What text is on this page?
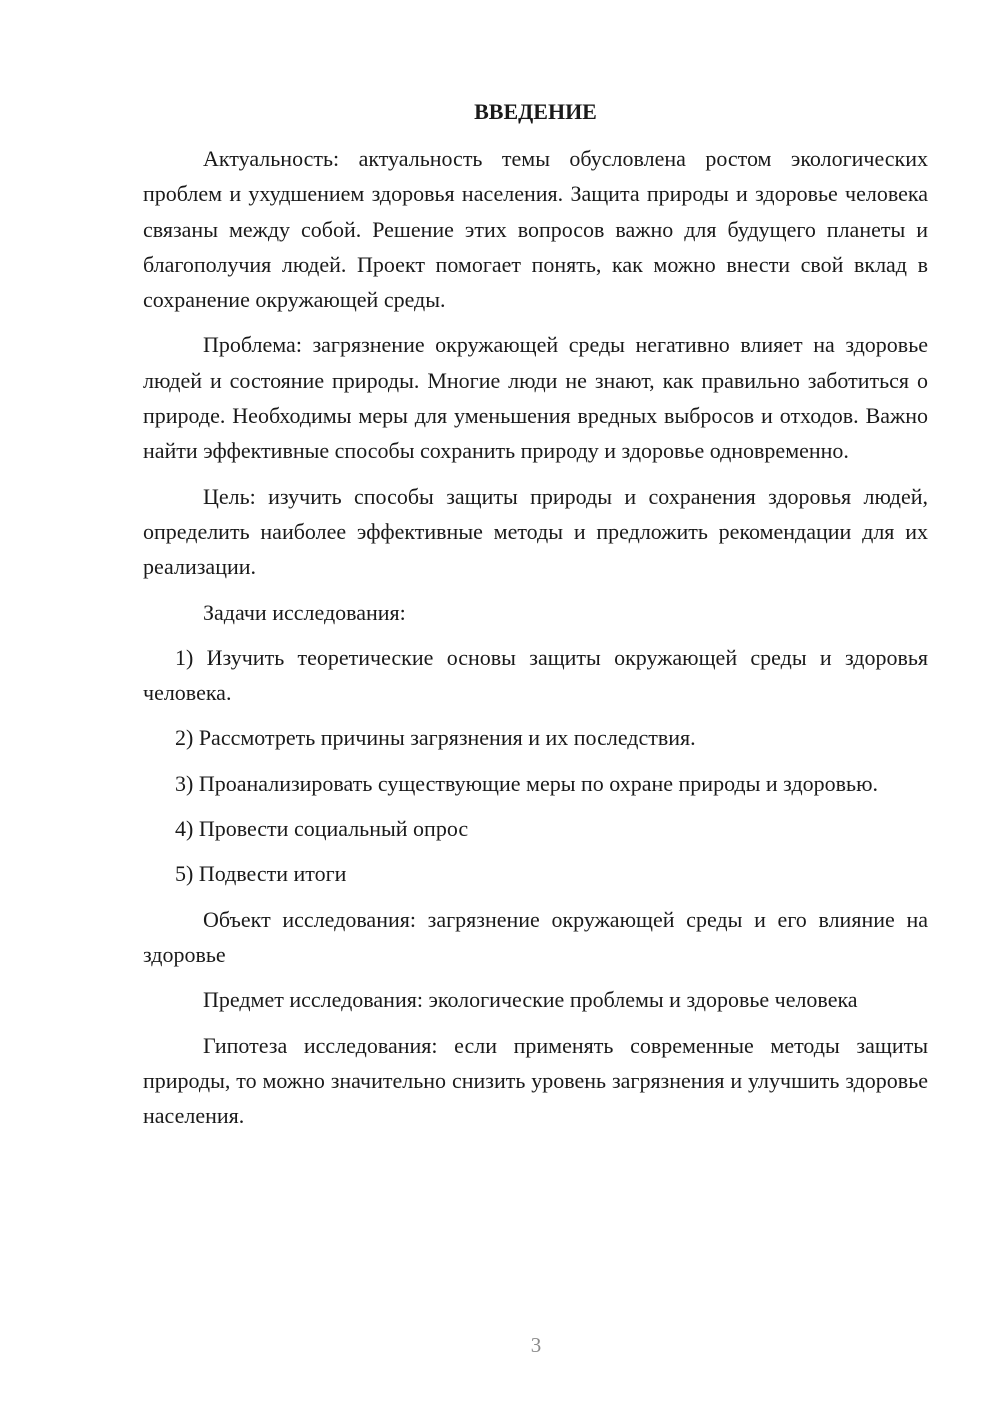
ВВЕДЕНИЕ

Актуальность: актуальность темы обусловлена ростом экологических проблем и ухудшением здоровья населения. Защита природы и здоровье человека связаны между собой. Решение этих вопросов важно для будущего планеты и благополучия людей. Проект помогает понять, как можно внести свой вклад в сохранение окружающей среды.

Проблема: загрязнение окружающей среды негативно влияет на здоровье людей и состояние природы. Многие люди не знают, как правильно заботиться о природе. Необходимы меры для уменьшения вредных выбросов и отходов. Важно найти эффективные способы сохранить природу и здоровье одновременно.

Цель: изучить способы защиты природы и сохранения здоровья людей, определить наиболее эффективные методы и предложить рекомендации для их реализации.

Задачи исследования:

1) Изучить теоретические основы защиты окружающей среды и здоровья человека.

2) Рассмотреть причины загрязнения и их последствия.

3) Проанализировать существующие меры по охране природы и здоровью.

4) Провести социальный опрос

5) Подвести итоги

Объект исследования: загрязнение окружающей среды и его влияние на здоровье

Предмет исследования: экологические проблемы и здоровье человека

Гипотеза исследования: если применять современные методы защиты природы, то можно значительно снизить уровень загрязнения и улучшить здоровье населения.

3
